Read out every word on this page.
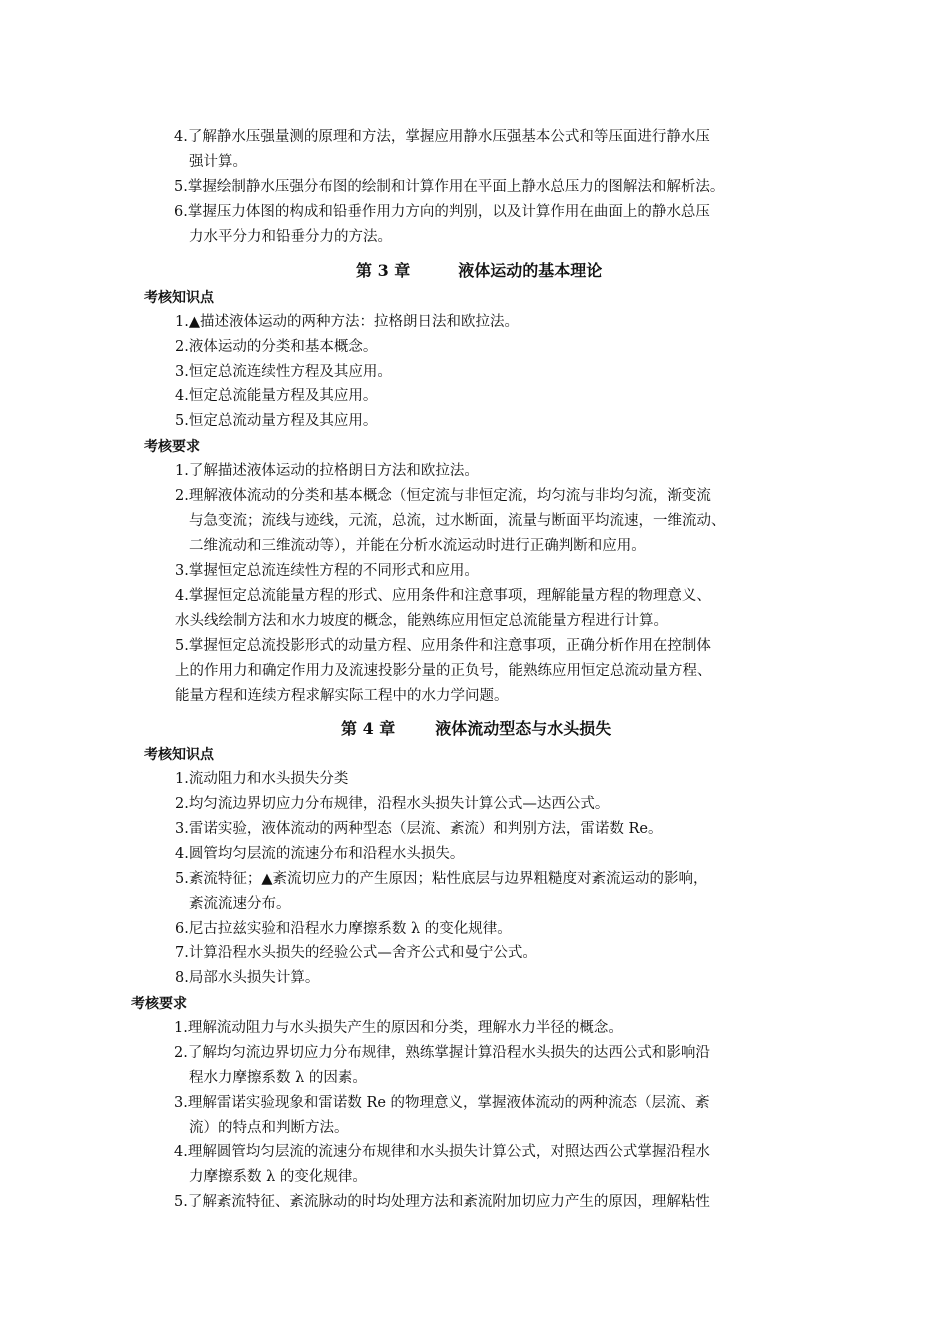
4.了解静水压强量测的原理和方法，掌握应用静水压强基本公式和等压面进行静水压
强计算。
5.掌握绘制静水压强分布图的绘制和计算作用在平面上静水总压力的图解法和解析法。
6.掌握压力体图的构成和铅垂作用力方向的判别，以及计算作用在曲面上的静水总压
力水平分力和铅垂分力的方法。
第 3 章	液体运动的基本理论
考核知识点
1.▲描述液体运动的两种方法：拉格朗日法和欧拉法。
2.液体运动的分类和基本概念。
3.恒定总流连续性方程及其应用。
4.恒定总流能量方程及其应用。
5.恒定总流动量方程及其应用。
考核要求
1.了解描述液体运动的拉格朗日方法和欧拉法。
2.理解液体流动的分类和基本概念（恒定流与非恒定流，均匀流与非均匀流，渐变流
与急变流；流线与迹线，元流，总流，过水断面，流量与断面平均流速，一维流动、
二维流动和三维流动等），并能在分析水流运动时进行正确判断和应用。
3.掌握恒定总流连续性方程的不同形式和应用。
4.掌握恒定总流能量方程的形式、应用条件和注意事项，理解能量方程的物理意义、
水头线绘制方法和水力坡度的概念，能熟练应用恒定总流能量方程进行计算。
5.掌握恒定总流投影形式的动量方程、应用条件和注意事项，正确分析作用在控制体
上的作用力和确定作用力及流速投影分量的正负号，能熟练应用恒定总流动量方程、
能量方程和连续方程求解实际工程中的水力学问题。
第 4 章	液体流动型态与水头损失
考核知识点
1.流动阻力和水头损失分类
2.均匀流边界切应力分布规律，沿程水头损失计算公式—达西公式。
3.雷诺实验，液体流动的两种型态（层流、紊流）和判别方法，雷诺数 Re。
4.圆管均匀层流的流速分布和沿程水头损失。
5.紊流特征；▲紊流切应力的产生原因；粘性底层与边界粗糙度对紊流运动的影响，
紊流流速分布。
6.尼古拉兹实验和沿程水力摩擦系数 λ 的变化规律。
7.计算沿程水头损失的经验公式—舍齐公式和曼宁公式。
8.局部水头损失计算。
考核要求
1.理解流动阻力与水头损失产生的原因和分类，理解水力半径的概念。
2.了解均匀流边界切应力分布规律，熟练掌握计算沿程水头损失的达西公式和影响沿
程水力摩擦系数 λ 的因素。
3.理解雷诺实验现象和雷诺数 Re 的物理意义，掌握液体流动的两种流态（层流、紊
流）的特点和判断方法。
4.理解圆管均匀层流的流速分布规律和水头损失计算公式，对照达西公式掌握沿程水
力摩擦系数 λ 的变化规律。
5.了解紊流特征、紊流脉动的时均处理方法和紊流附加切应力产生的原因，理解粘性
